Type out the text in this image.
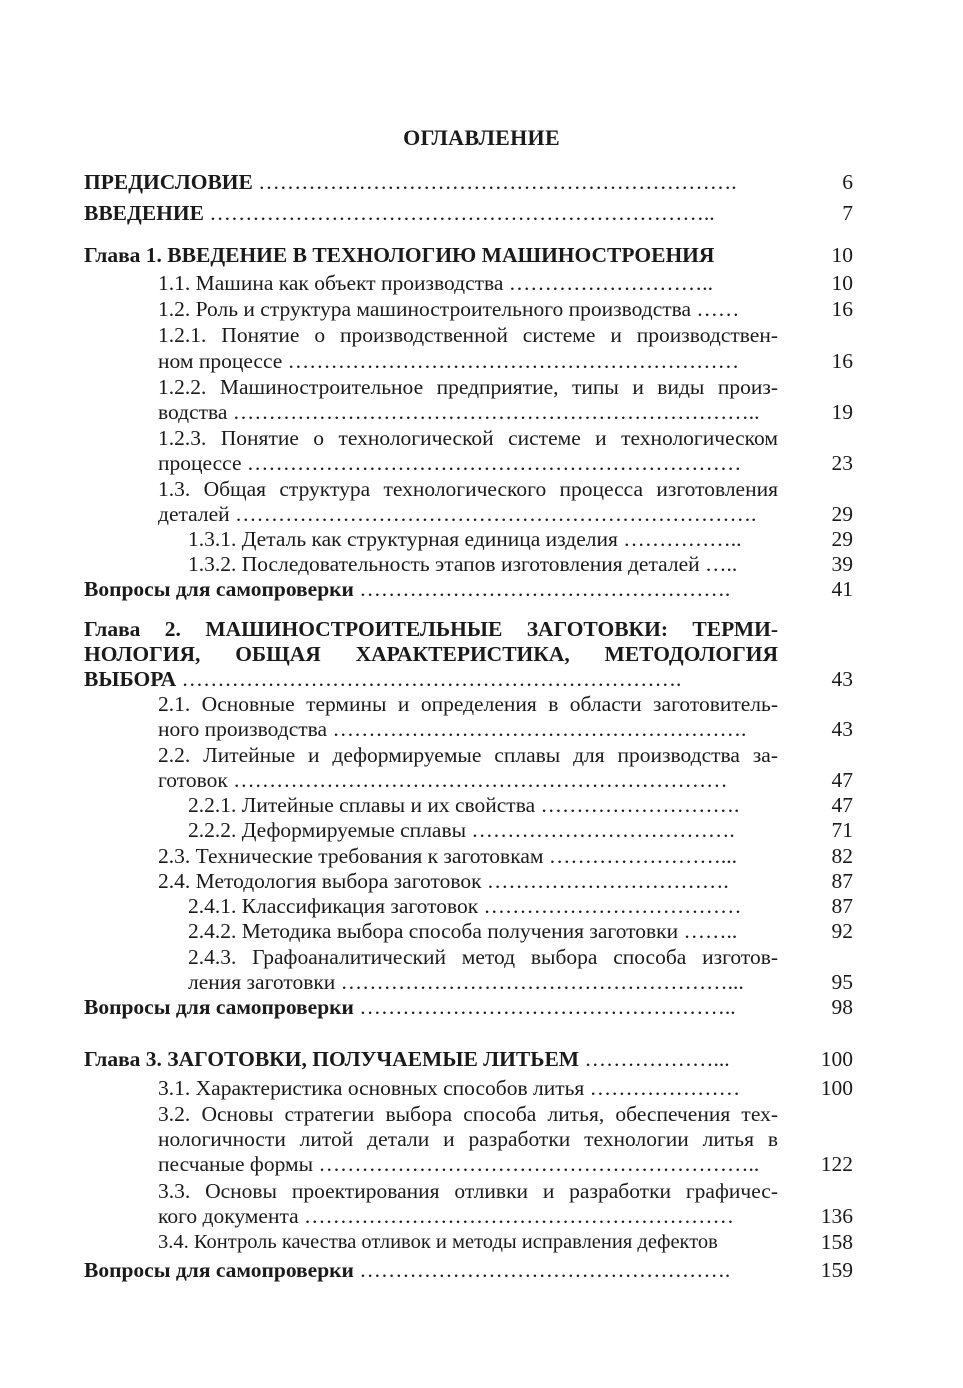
ОГЛАВЛЕНИЕ
ПРЕДИСЛОВИЕ ………………………………………………………….	6
ВВЕДЕНИЕ ……………………………………………………………..	7
Глава 1. ВВЕДЕНИЕ В ТЕХНОЛОГИЮ МАШИНОСТРОЕНИЯ	10
1.1. Машина как объект производства ………………………..	10
1.2. Роль и структура машиностроительного производства ……	16
1.2.1. Понятие о производственной системе и производствен-
ном процессе ………………………………………………………	16
1.2.2. Машиностроительное предприятие, типы и виды произ-
водства ………………………………………………………………..	19
1.2.3. Понятие о технологической системе и технологическом
процессе ……………………………………………………………	23
1.3. Общая структура технологического процесса изготовления
деталей ……………………………………………………………….	29
1.3.1. Деталь как структурная единица изделия ……………..	29
1.3.2. Последовательность этапов изготовления деталей …..	39
Вопросы для самопроверки …………………………………………….	41
Глава 2. МАШИНОСТРОИТЕЛЬНЫЕ ЗАГОТОВКИ: ТЕРМИ-
НОЛОГИЯ, ОБЩАЯ ХАРАКТЕРИСТИКА, МЕТОДОЛОГИЯ
ВЫБОРА …………………………………………………………….	43
2.1. Основные термины и определения в области заготовитель-
ного производства ………………………………………………….	43
2.2. Литейные и деформируемые сплавы для производства за-
готовок ……………………………………………………………	47
2.2.1. Литейные сплавы и их свойства ……………………….	47
2.2.2. Деформируемые сплавы ……………………………….	71
2.3. Технические требования к заготовкам ……………………...	82
2.4. Методология выбора заготовок …………………………….	87
2.4.1. Классификация заготовок ………………………………	87
2.4.2. Методика выбора способа получения заготовки ……..	92
2.4.3. Графоаналитический метод выбора способа изготов-
ления заготовки ………………………………………………...	95
Вопросы для самопроверки ……………………………………………..	98
Глава 3. ЗАГОТОВКИ, ПОЛУЧАЕМЫЕ ЛИТЬЕМ ………………...	100
3.1. Характеристика основных способов литья …………………	100
3.2. Основы стратегии выбора способа литья, обеспечения тех-
нологичности литой детали и разработки технологии литья в
песчаные формы ……………………………………………………..	122
3.3. Основы проектирования отливки и разработки графичес-
кого документа ……………………………………………………	136
3.4. Контроль качества отливок и методы исправления дефектов	158
Вопросы для самопроверки …………………………………………….	159
